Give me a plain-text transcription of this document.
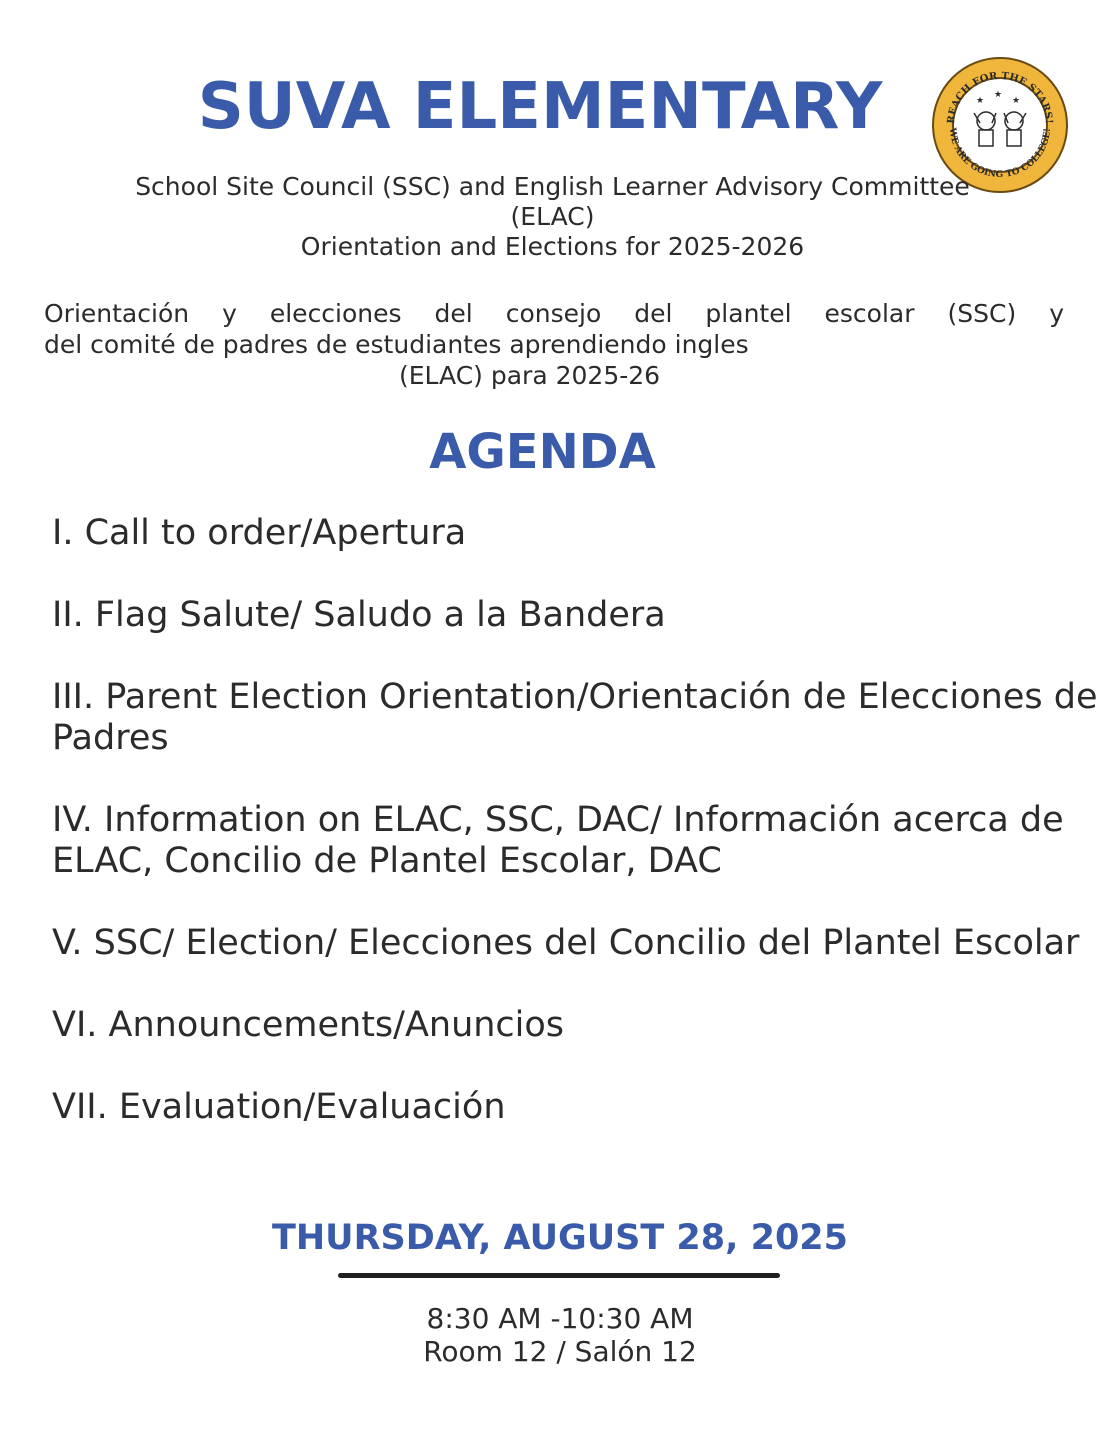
SUVA ELEMENTARY	REACH FOR THE STARS!
WE ARE GOING TO COLLEGE!
★
★
★
School Site Council (SSC) and English Learner Advisory Committee
(ELAC)
Orientation and Elections for 2025-2026
Orientación y elecciones del consejo del plantel escolar (SSC) y
del comité de padres de estudiantes aprendiendo ingles
(ELAC) para 2025-26
AGENDA
I. Call to order/Apertura
II. Flag Salute/ Saludo a la Bandera
III. Parent Election Orientation/Orientación de Elecciones de Padres
IV. Information on ELAC, SSC, DAC/ Información acerca de ELAC, Concilio de Plantel Escolar, DAC
V. SSC/ Election/ Elecciones del Concilio del Plantel Escolar
VI. Announcements/Anuncios
VII. Evaluation/Evaluación
THURSDAY, AUGUST 28, 2025
8:30 AM -10:30 AM
Room 12 / Salón 12
